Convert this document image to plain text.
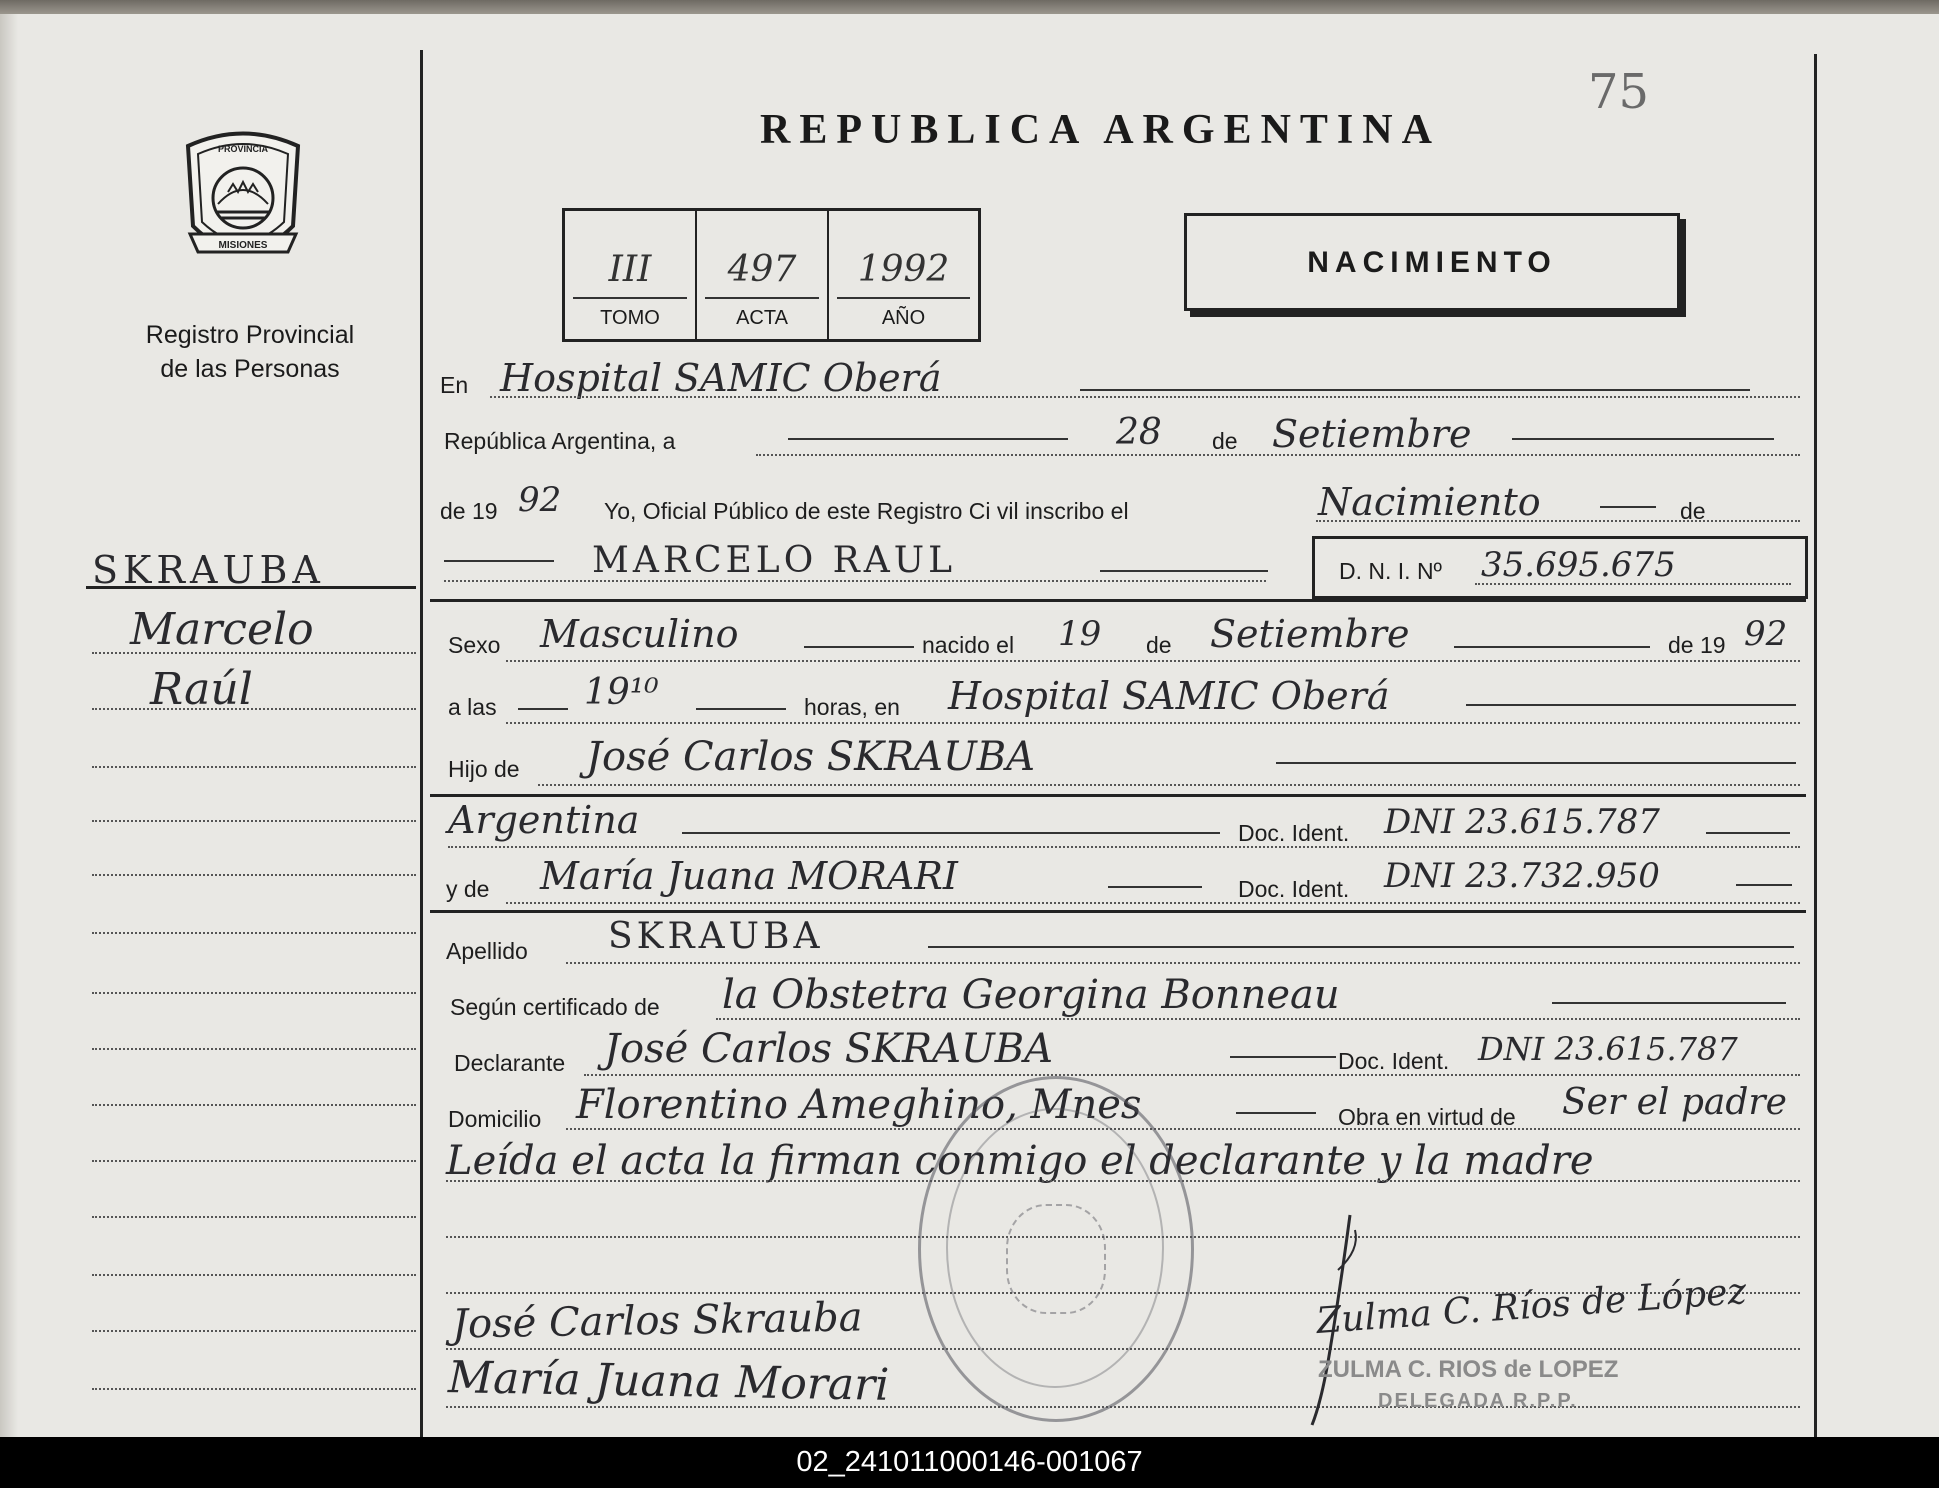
75
REPUBLICA ARGENTINA
MISIONES
PROVINCIA
Registro Provincial
de las Personas
III
TOMO
497
ACTA
1992
AÑO
NACIMIENTO
SKRAUBA
Marcelo
Raúl
En Hospital SAMIC Oberá
República Argentina, a	28 de Setiembre
de 19 92 Yo, Oficial Público de este Registro Ci vil inscribo el	Nacimiento	de
MARCELO RAUL	D. N. I. Nº 35.695.675
Sexo Masculino	nacido el 19 de Setiembre	de 19 92
a las 19¹⁰	horas, en Hospital SAMIC Oberá
Hijo de José Carlos SKRAUBA
Argentina	Doc. Ident. DNI 23.615.787
y de María Juana MORARI	Doc. Ident. DNI 23.732.950
Apellido SKRAUBA
Según certificado de la Obstetra Georgina Bonneau
Declarante José Carlos SKRAUBA	Doc. Ident. DNI 23.615.787
Domicilio Florentino Ameghino, Mnes	Obra en virtud de Ser el padre
Leída el acta la firman conmigo el declarante y la madre
José Carlos Skrauba
María Juana Morari
Zulma C. Ríos de López
ZULMA C. RIOS de LOPEZ
DELEGADA R.P.P.
02_241011000146-001067
